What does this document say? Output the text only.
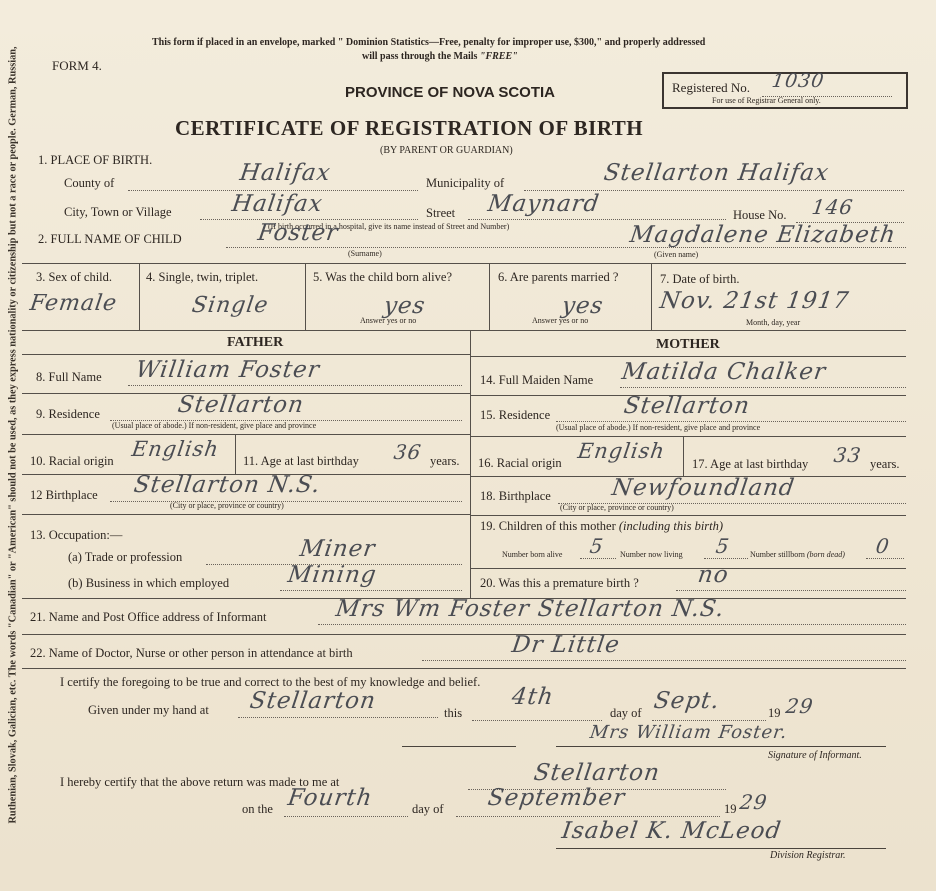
Ruthenian, Slovak, Galician, etc. The words "Canadian" or "American" should not be used, as they express nationality or citizenship but not a race or people. German, Russian,
This form if placed in an envelope, marked " Dominion Statistics—Free, penalty for improper use, $300," and properly addressed
will pass through the Mails "FREE"
FORM 4.
PROVINCE OF NOVA SCOTIA
CERTIFICATE OF REGISTRATION OF BIRTH
(BY PARENT OR GUARDIAN)
Registered No. 1030
For use of Registrar General only.
1. PLACE OF BIRTH.
County of	Halifax	Municipality of	Stellarton Halifax
City, Town or Village	Halifax	Street Maynard	House No. 146
(If birth occurred in a hospital, give its name instead of Street and Number)
2. FULL NAME OF CHILD	Foster	Magdalene Elizabeth
(Surname)	(Given name)
3. Sex of child.
Female
4. Single, twin, triplet.
Single
5. Was the child born alive?
yes
Answer yes or no
6. Are parents married ?
yes
Answer yes or no
7. Date of birth.
Nov. 21st 1917
Month, day, year
FATHER	MOTHER
8. Full Name William Foster
9. Residence	Stellarton
(Usual place of abode.) If non-resident, give place and province
10. Racial origin English 11. Age at last birthday 36 years.
12 Birthplace Stellarton N.S.
(City or place, province or country)
13. Occupation:—
(a) Trade or profession	Miner
(b) Business in which employed Mining
14. Full Maiden Name Matilda Chalker
15. Residence	Stellarton
(Usual place of abode.) If non-resident, give place and province
16. Racial origin English
17. Age at last birthday 33 years.
18. Birthplace	Newfoundland
(City or place, province or country)
19. Children of this mother (including this birth)
Number born alive 5 Number now living 5 Number stillborn (born dead) 0
20. Was this a premature birth ? no
21. Name and Post Office address of Informant	Mrs Wm Foster Stellarton N.S.
22. Name of Doctor, Nurse or other person in attendance at birth	Dr Little
I certify the foregoing to be true and correct to the best of my knowledge and belief.
Given under my hand at Stellarton	this
4th
day of Sept.	19 29
Mrs William Foster.
Signature of Informant.
I hereby certify that the above return was made to me at	Stellarton
on the Fourth	day of September	19 29
Isabel K. McLeod
Division Registrar.
